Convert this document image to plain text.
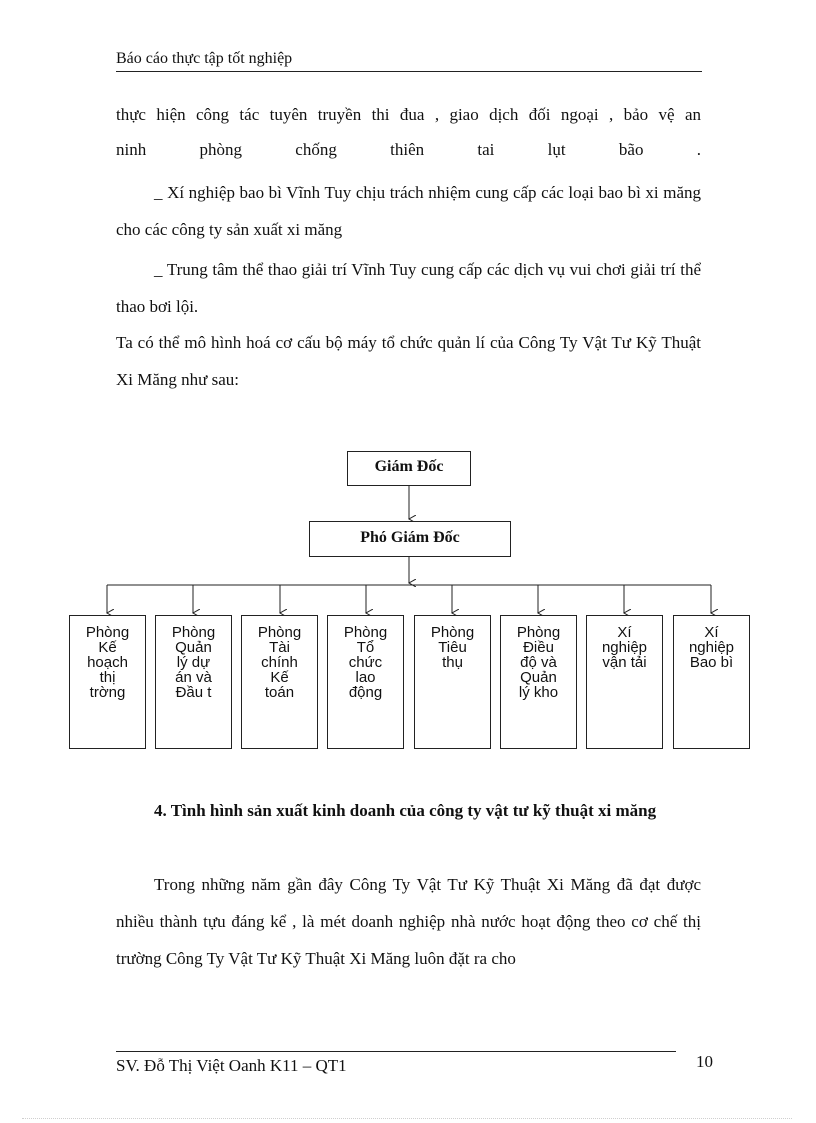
Báo cáo thực tập tốt nghiệp

thực hiện công tác tuyên truyền thi đua , giao dịch đối ngoại , bảo vệ an

ninh phòng chống thiên tai lụt bão .

_ Xí nghiệp bao bì Vĩnh Tuy chịu trách nhiệm cung cấp các loại bao bì xi măng cho các công ty sản xuất xi măng

_ Trung tâm thể thao giải trí Vĩnh Tuy cung cấp các dịch vụ vui chơi giải trí thể thao bơi lội.

Ta có thể mô hình hoá cơ cấu bộ máy tổ chức quản lí của Công Ty Vật Tư Kỹ Thuật Xi Măng như sau:

Giám Đốc
Phó Giám Đốc
Phòng
Kế
hoạch
thị
trờng
Phòng
Quản
lý dự
án và
Đầu t
Phòng
Tài
chính
Kế
toán
Phòng
Tổ
chức
lao
động
Phòng
Tiêu
thụ
Phòng
Điều
độ và
Quản
lý kho
Xí
nghiệp
vận tải
Xí
nghiệp
Bao bì

4. Tình hình sản xuất kinh doanh của công ty vật tư kỹ thuật xi măng

Trong những năm gần đây Công Ty Vật Tư Kỹ Thuật Xi Măng đã đạt được nhiều thành tựu đáng kể , là mét doanh nghiệp nhà nước hoạt động theo cơ chế thị trường Công Ty Vật Tư Kỹ Thuật Xi Măng luôn đặt ra cho

SV. Đỗ Thị Việt Oanh K11 – QT1	10
